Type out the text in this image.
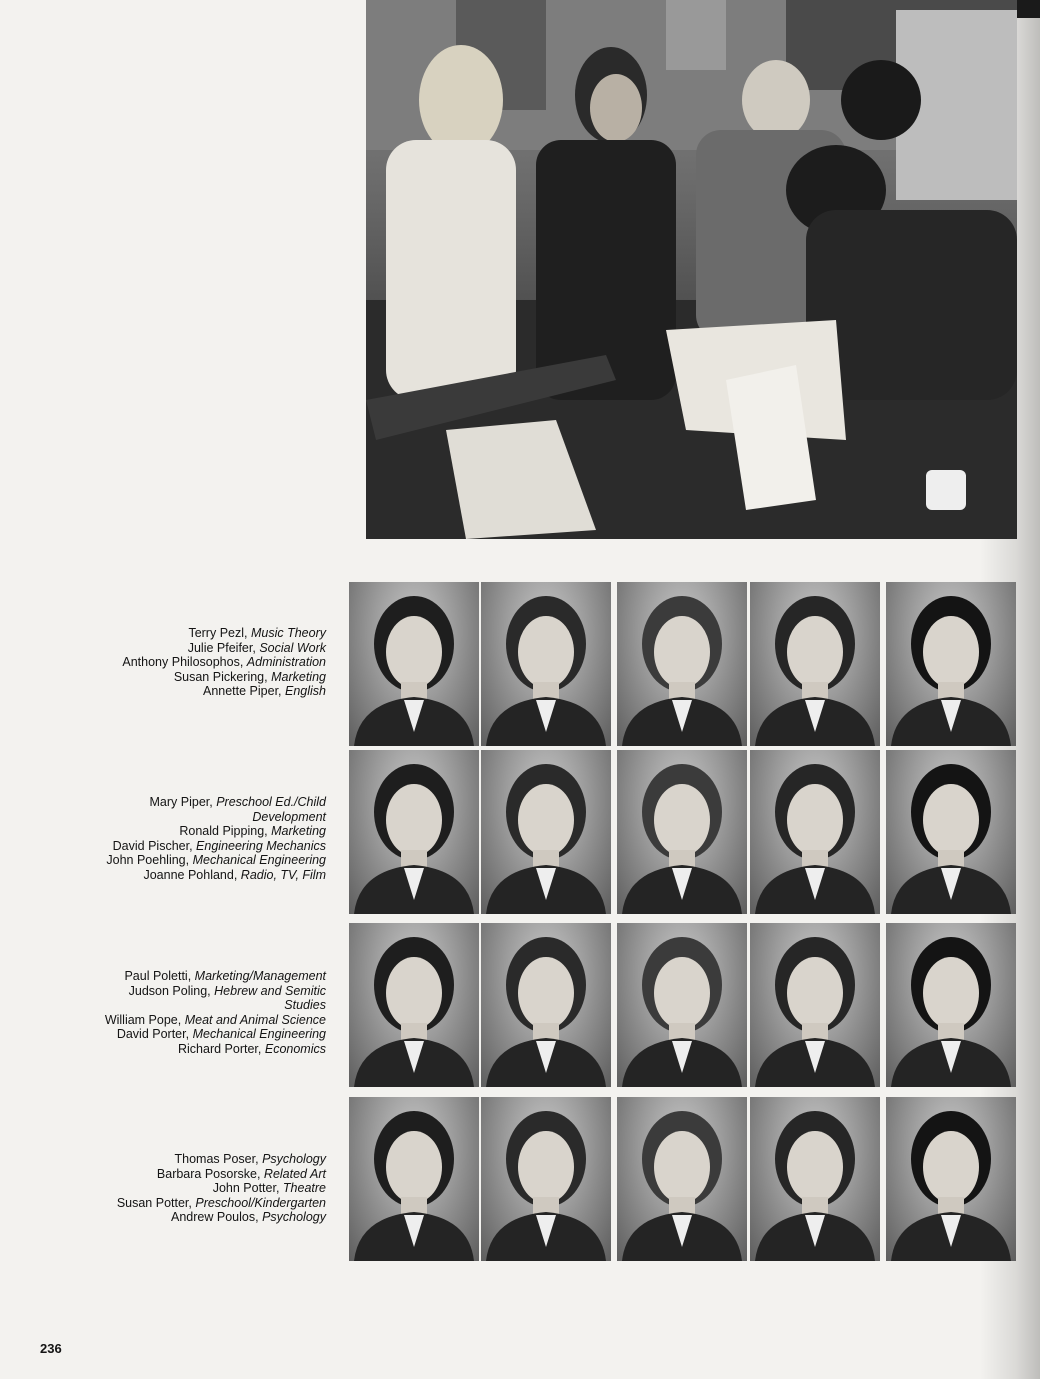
Terry Pezl, Music Theory
Julie Pfeifer, Social Work
Anthony Philosophos, Administration
Susan Pickering, Marketing
Annette Piper, English
Mary Piper, Preschool Ed./Child
Development
Ronald Pipping, Marketing
David Pischer, Engineering Mechanics
John Poehling, Mechanical Engineering
Joanne Pohland, Radio, TV, Film
Paul Poletti, Marketing/Management
Judson Poling, Hebrew and Semitic
Studies
William Pope, Meat and Animal Science
David Porter, Mechanical Engineering
Richard Porter, Economics
Thomas Poser, Psychology
Barbara Posorske, Related Art
John Potter, Theatre
Susan Potter, Preschool/Kindergarten
Andrew Poulos, Psychology
236
